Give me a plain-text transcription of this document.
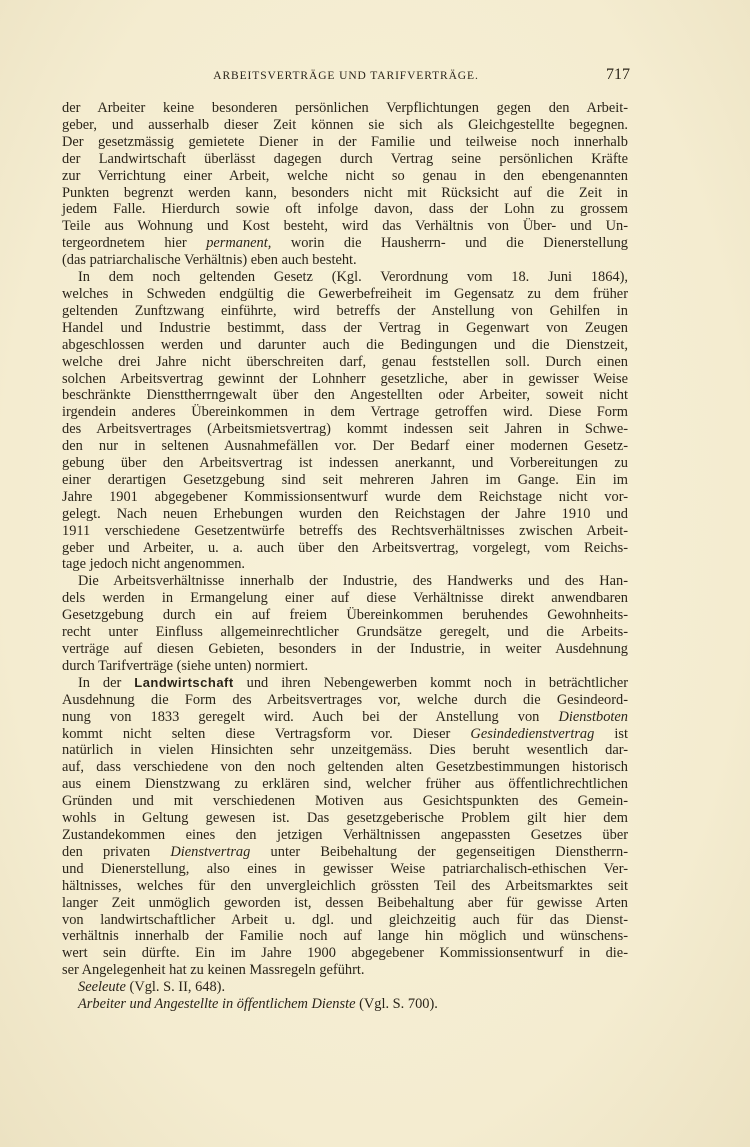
ARBEITSVERTRÄGE UND TARIFVERTRÄGE.	717

der Arbeiter keine besonderen persönlichen Verpflichtungen gegen den Arbeit-

geber, und ausserhalb dieser Zeit können sie sich als Gleichgestellte begegnen.

Der gesetzmässig gemietete Diener in der Familie und teilweise noch innerhalb

der Landwirtschaft überlässt dagegen durch Vertrag seine persönlichen Kräfte

zur Verrichtung einer Arbeit, welche nicht so genau in den ebengenannten

Punkten begrenzt werden kann, besonders nicht mit Rücksicht auf die Zeit in

jedem Falle. Hierdurch sowie oft infolge davon, dass der Lohn zu grossem

Teile aus Wohnung und Kost besteht, wird das Verhältnis von Über- und Un-

tergeordnetem hier permanent, worin die Hausherrn- und die Dienerstellung

(das patriarchalische Verhältnis) eben auch besteht.

In dem noch geltenden Gesetz (Kgl. Verordnung vom 18. Juni 1864),

welches in Schweden endgültig die Gewerbefreiheit im Gegensatz zu dem früher

geltenden Zunftzwang einführte, wird betreffs der Anstellung von Gehilfen in

Handel und Industrie bestimmt, dass der Vertrag in Gegenwart von Zeugen

abgeschlossen werden und darunter auch die Bedingungen und die Dienstzeit,

welche drei Jahre nicht überschreiten darf, genau feststellen soll. Durch einen

solchen Arbeitsvertrag gewinnt der Lohnherr gesetzliche, aber in gewisser Weise

beschränkte Diensttherrngewalt über den Angestellten oder Arbeiter, soweit nicht

irgendein anderes Übereinkommen in dem Vertrage getroffen wird. Diese Form

des Arbeitsvertrages (Arbeitsmietsvertrag) kommt indessen seit Jahren in Schwe-

den nur in seltenen Ausnahmefällen vor. Der Bedarf einer modernen Gesetz-

gebung über den Arbeitsvertrag ist indessen anerkannt, und Vorbereitungen zu

einer derartigen Gesetzgebung sind seit mehreren Jahren im Gange. Ein im

Jahre 1901 abgegebener Kommissionsentwurf wurde dem Reichstage nicht vor-

gelegt. Nach neuen Erhebungen wurden den Reichstagen der Jahre 1910 und

1911 verschiedene Gesetzentwürfe betreffs des Rechtsverhältnisses zwischen Arbeit-

geber und Arbeiter, u. a. auch über den Arbeitsvertrag, vorgelegt, vom Reichs-

tage jedoch nicht angenommen.

Die Arbeitsverhältnisse innerhalb der Industrie, des Handwerks und des Han-

dels werden in Ermangelung einer auf diese Verhältnisse direkt anwendbaren

Gesetzgebung durch ein auf freiem Übereinkommen beruhendes Gewohnheits-

recht unter Einfluss allgemeinrechtlicher Grundsätze geregelt, und die Arbeits-

verträge auf diesen Gebieten, besonders in der Industrie, in weiter Ausdehnung

durch Tarifverträge (siehe unten) normiert.

In der Landwirtschaft und ihren Nebengewerben kommt noch in beträchtlicher

Ausdehnung die Form des Arbeitsvertrages vor, welche durch die Gesindeord-

nung von 1833 geregelt wird. Auch bei der Anstellung von Dienstboten

kommt nicht selten diese Vertragsform vor. Dieser Gesindedienstvertrag ist

natürlich in vielen Hinsichten sehr unzeitgemäss. Dies beruht wesentlich dar-

auf, dass verschiedene von den noch geltenden alten Gesetzbestimmungen historisch

aus einem Dienstzwang zu erklären sind, welcher früher aus öffentlichrechtlichen

Gründen und mit verschiedenen Motiven aus Gesichtspunkten des Gemein-

wohls in Geltung gewesen ist. Das gesetzgeberische Problem gilt hier dem

Zustandekommen eines den jetzigen Verhältnissen angepassten Gesetzes über

den privaten Dienstvertrag unter Beibehaltung der gegenseitigen Dienstherrn-

und Dienerstellung, also eines in gewisser Weise patriarchalisch-ethischen Ver-

hältnisses, welches für den unvergleichlich grössten Teil des Arbeitsmarktes seit

langer Zeit unmöglich geworden ist, dessen Beibehaltung aber für gewisse Arten

von landwirtschaftlicher Arbeit u. dgl. und gleichzeitig auch für das Dienst-

verhältnis innerhalb der Familie noch auf lange hin möglich und wünschens-

wert sein dürfte. Ein im Jahre 1900 abgegebener Kommissionsentwurf in die-

ser Angelegenheit hat zu keinen Massregeln geführt.

Seeleute (Vgl. S. II, 648).

Arbeiter und Angestellte in öffentlichem Dienste (Vgl. S. 700).
